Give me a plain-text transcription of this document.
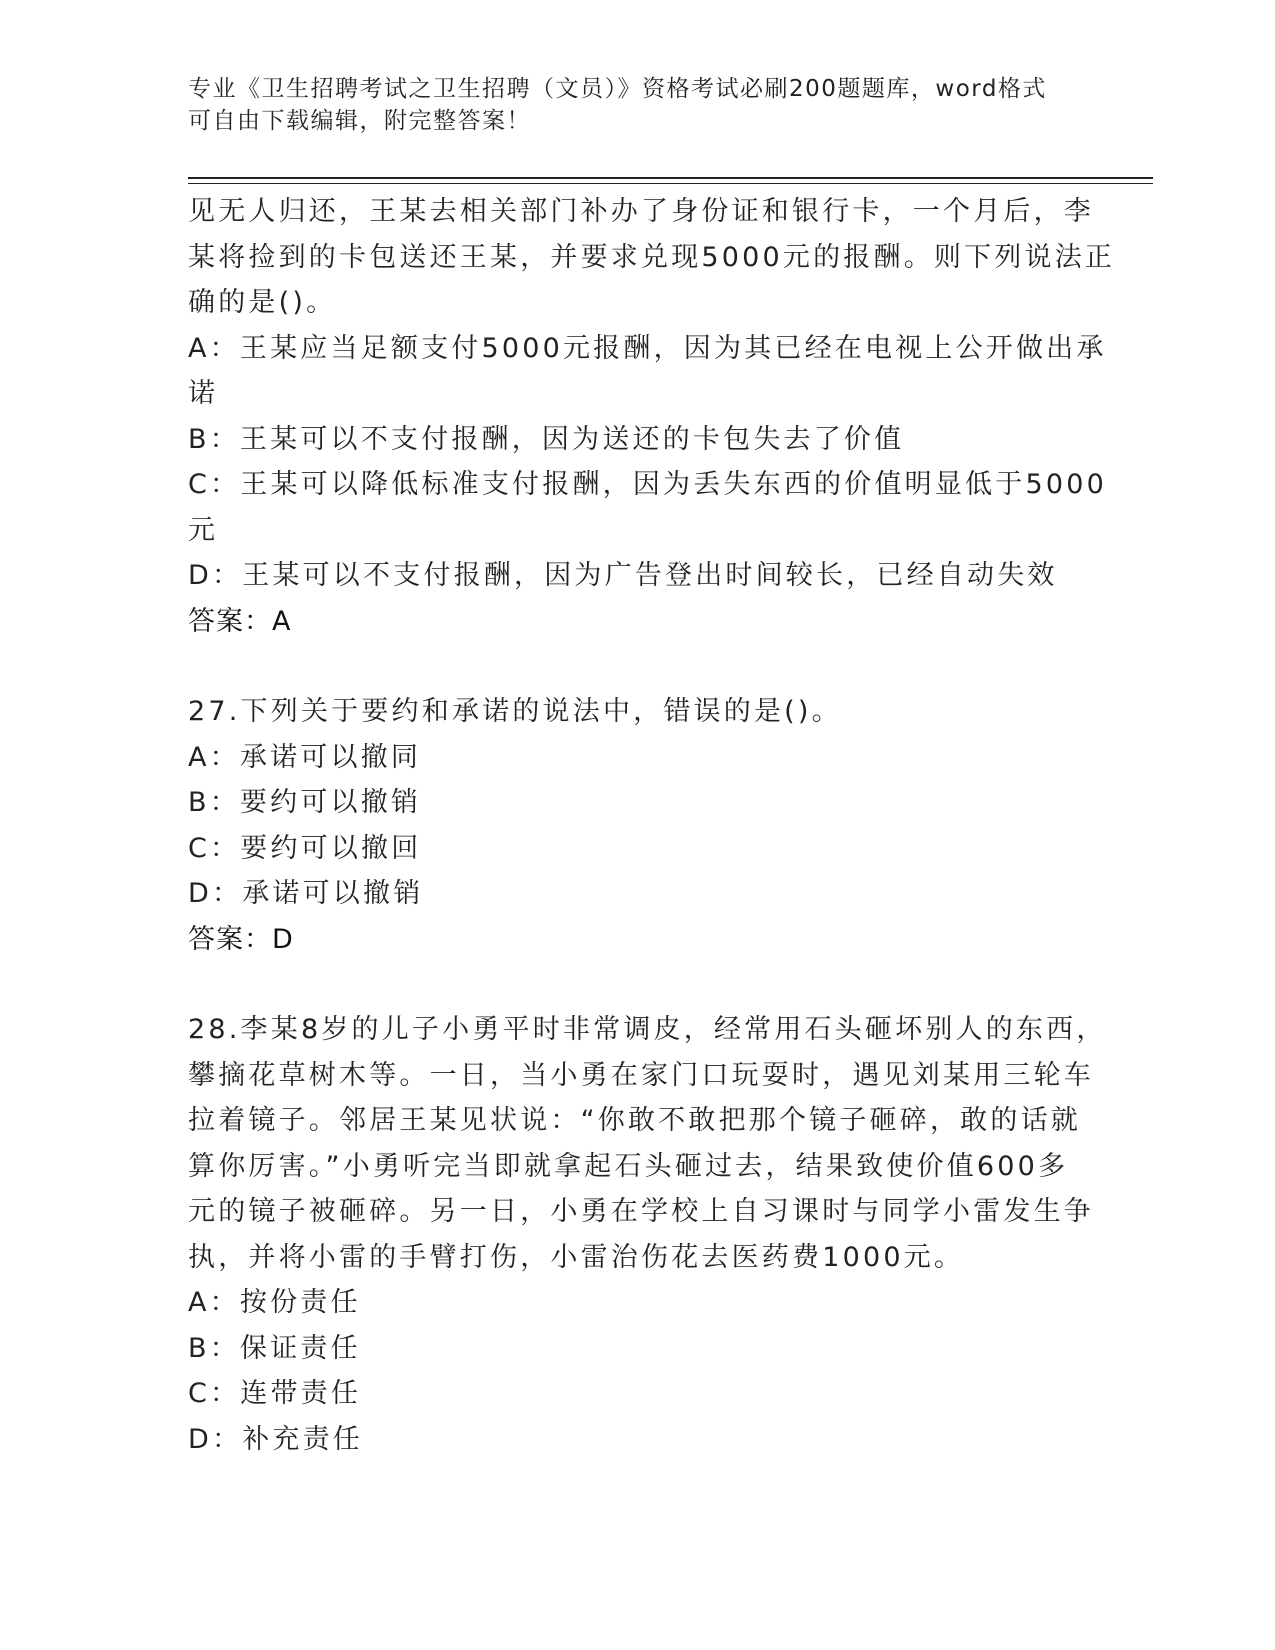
专业《卫生招聘考试之卫生招聘（文员）》资格考试必刷200题题库，word格式
可自由下载编辑，附完整答案！
见无人归还，王某去相关部门补办了身份证和银行卡，一个月后，李
某将捡到的卡包送还王某，并要求兑现5000元的报酬。则下列说法正
确的是()。
A：王某应当足额支付5000元报酬，因为其已经在电视上公开做出承
诺
B：王某可以不支付报酬，因为送还的卡包失去了价值
C：王某可以降低标准支付报酬，因为丢失东西的价值明显低于5000
元
D：王某可以不支付报酬，因为广告登出时间较长，已经自动失效
答案：A
27.下列关于要约和承诺的说法中，错误的是()。
A：承诺可以撤同
B：要约可以撤销
C：要约可以撤回
D：承诺可以撤销
答案：D
28.李某8岁的儿子小勇平时非常调皮，经常用石头砸坏别人的东西，
攀摘花草树木等。一日，当小勇在家门口玩耍时，遇见刘某用三轮车
拉着镜子。邻居王某见状说：“你敢不敢把那个镜子砸碎，敢的话就
算你厉害。”小勇听完当即就拿起石头砸过去，结果致使价值600多
元的镜子被砸碎。另一日，小勇在学校上自习课时与同学小雷发生争
执，并将小雷的手臂打伤，小雷治伤花去医药费1000元。
A：按份责任
B：保证责任
C：连带责任
D：补充责任
